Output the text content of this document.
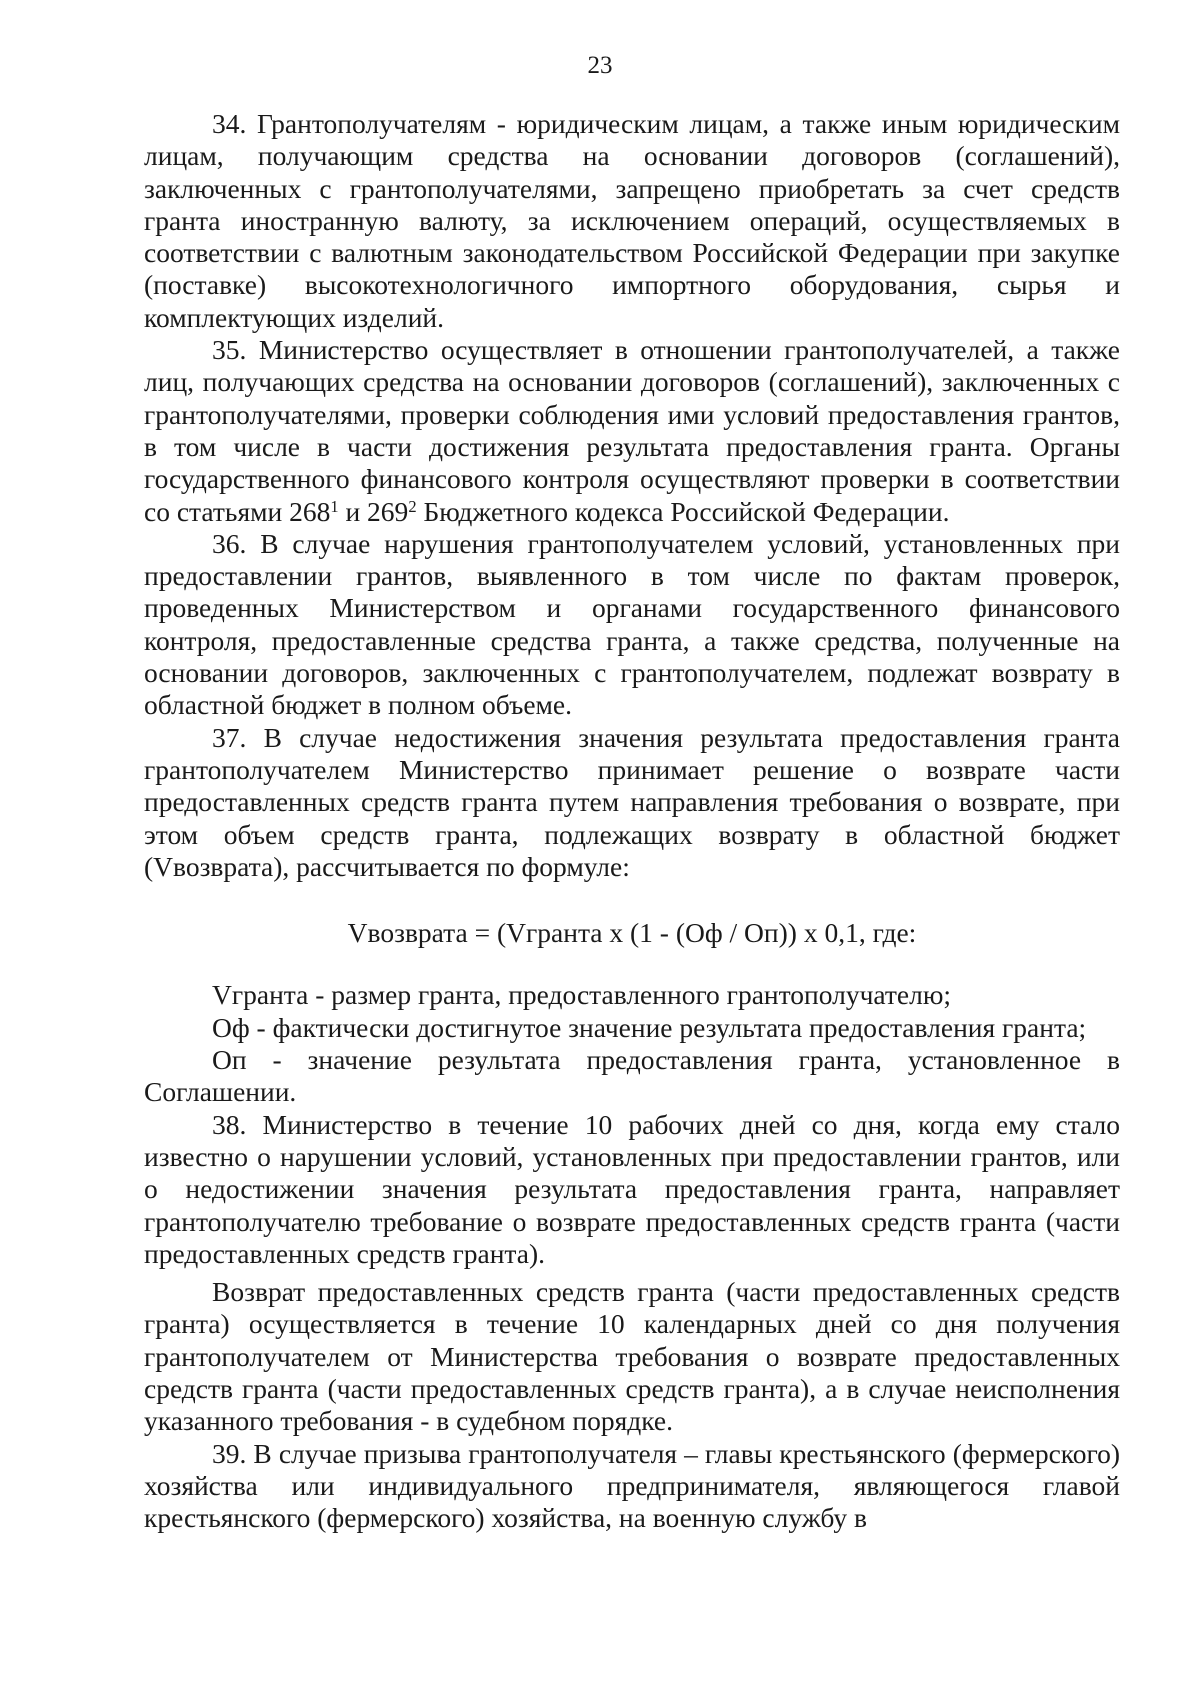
23

34. Грантополучателям - юридическим лицам, а также иным юридическим лицам, получающим средства на основании договоров (соглашений), заключенных с грантополучателями, запрещено приобретать за счет средств гранта иностранную валюту, за исключением операций, осуществляемых в соответствии с валютным законодательством Российской Федерации при закупке (поставке) высокотехнологичного импортного оборудования, сырья и комплектующих изделий.

35. Министерство осуществляет в отношении грантополучателей, а также лиц, получающих средства на основании договоров (соглашений), заключенных с грантополучателями, проверки соблюдения ими условий предоставления грантов, в том числе в части достижения результата предоставления гранта. Органы государственного финансового контроля осуществляют проверки в соответствии со статьями $268^1$ и $269^2$ Бюджетного кодекса Российской Федерации.

36. В случае нарушения грантополучателем условий, установленных при предоставлении грантов, выявленного в том числе по фактам проверок, проведенных Министерством и органами государственного финансового контроля, предоставленные средства гранта, а также средства, полученные на основании договоров, заключенных с грантополучателем, подлежат возврату в областной бюджет в полном объеме.

37. В случае недостижения значения результата предоставления гранта грантополучателем Министерство принимает решение о возврате части предоставленных средств гранта путем направления требования о возврате, при этом объем средств гранта, подлежащих возврату в областной бюджет (Vвозврата), рассчитывается по формуле:

Vвозврата = (Vгранта х (1 - (Оф / Оп)) х 0,1, где:

Vгранта - размер гранта, предоставленного грантополучателю;

Оф - фактически достигнутое значение результата предоставления гранта;

Оп - значение результата предоставления гранта, установленное в Соглашении.

38. Министерство в течение 10 рабочих дней со дня, когда ему стало известно о нарушении условий, установленных при предоставлении грантов, или о недостижении значения результата предоставления гранта, направляет грантополучателю требование о возврате предоставленных средств гранта (части предоставленных средств гранта).

Возврат предоставленных средств гранта (части предоставленных средств гранта) осуществляется в течение 10 календарных дней со дня получения грантополучателем от Министерства требования о возврате предоставленных средств гранта (части предоставленных средств гранта), а в случае неисполнения указанного требования - в судебном порядке.

39. В случае призыва грантополучателя – главы крестьянского (фермерского) хозяйства или индивидуального предпринимателя, являющегося главой крестьянского (фермерского) хозяйства, на военную службу в
